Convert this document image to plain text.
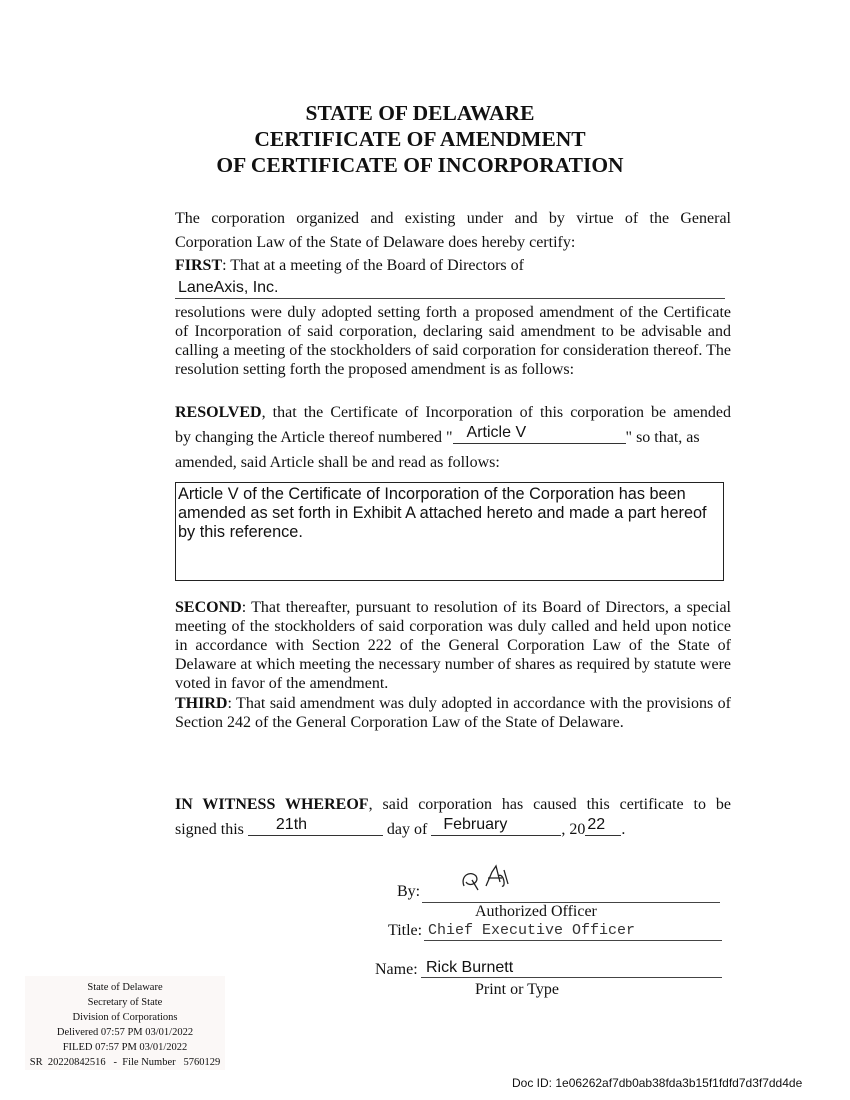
STATE OF DELAWARE
CERTIFICATE OF AMENDMENT
OF CERTIFICATE OF INCORPORATION
The corporation organized and existing under and by virtue of the General Corporation Law of the State of Delaware does hereby certify:
FIRST: That at a meeting of the Board of Directors of
LaneAxis, Inc.
resolutions were duly adopted setting forth a proposed amendment of the Certificate of Incorporation of said corporation, declaring said amendment to be advisable and calling a meeting of the stockholders of said corporation for consideration thereof. The resolution setting forth the proposed amendment is as follows:
RESOLVED, that the Certificate of Incorporation of this corporation be amended
by changing the Article thereof numbered " Article V	" so that, as
amended, said Article shall be and read as follows:
Article V of the Certificate of Incorporation of the Corporation has been amended as set forth in Exhibit A attached hereto and made a part hereof by this reference.
SECOND: That thereafter, pursuant to resolution of its Board of Directors, a special meeting of the stockholders of said corporation was duly called and held upon notice in accordance with Section 222 of the General Corporation Law of the State of Delaware at which meeting the necessary number of shares as required by statute were voted in favor of the amendment.
THIRD: That said amendment was duly adopted in accordance with the provisions of Section 242 of the General Corporation Law of the State of Delaware.
IN WITNESS WHEREOF, said corporation has caused this certificate to be
signed this 21th	day of February	, 20 22 .
By:
Authorized Officer
Title: Chief Executive Officer
Name: Rick Burnett
Print or Type
State of Delaware
Secretary of State
Division of Corporations
Delivered 07:57 PM 03/01/2022
FILED 07:57 PM 03/01/2022
SR  20220842516   -  File Number   5760129
Doc ID: 1e06262af7db0ab38fda3b15f1fdfd7d3f7dd4de
